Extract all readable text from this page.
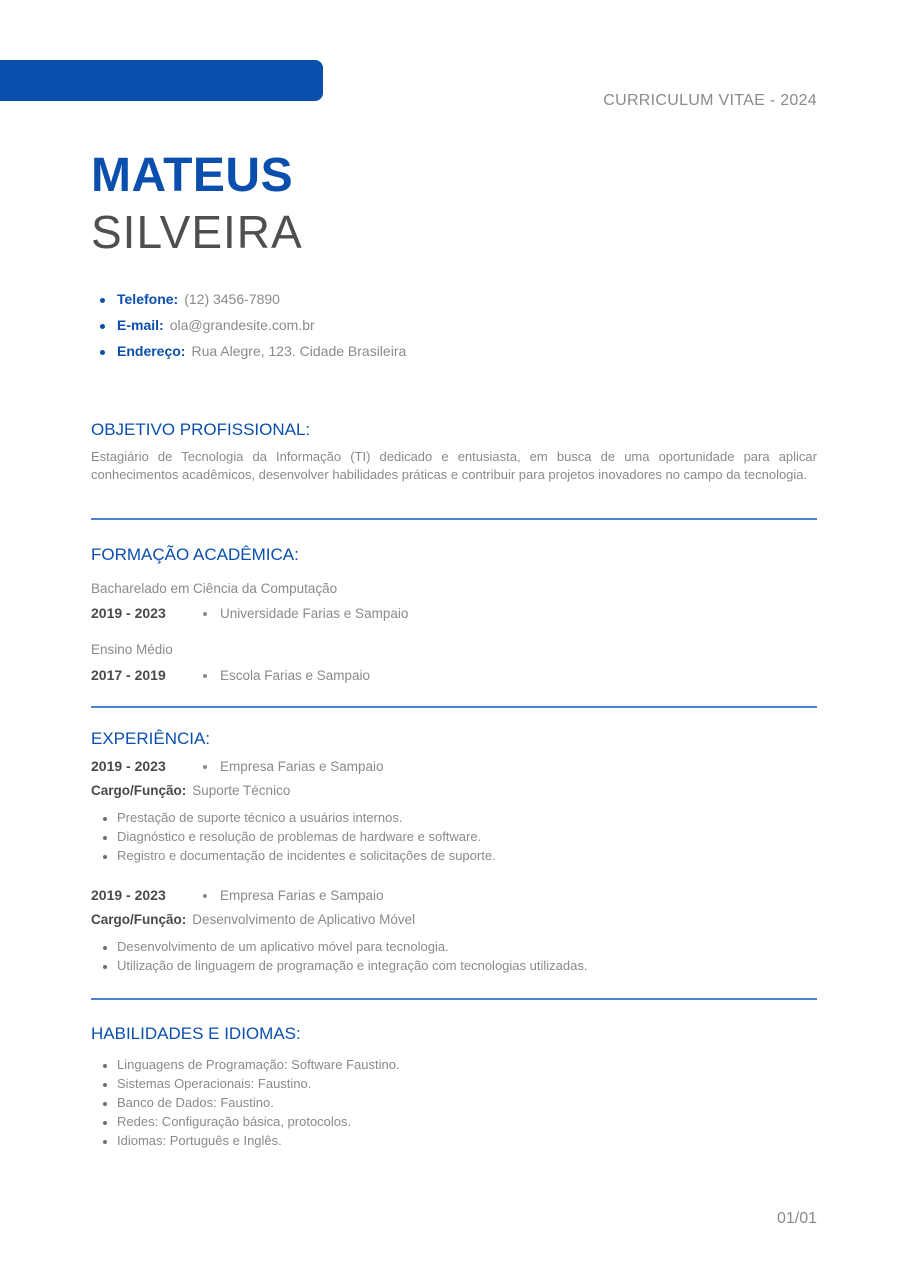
CURRICULUM VITAE - 2024
MATEUS
SILVEIRA
Telefone: (12) 3456-7890
E-mail: ola@grandesite.com.br
Endereço: Rua Alegre, 123. Cidade Brasileira
OBJETIVO PROFISSIONAL:
Estagiário de Tecnologia da Informação (TI) dedicado e entusiasta, em busca de uma oportunidade para aplicar conhecimentos acadêmicos, desenvolver habilidades práticas e contribuir para projetos inovadores no campo da tecnologia.
FORMAÇÃO ACADÊMICA:
Bacharelado em Ciência da Computação
2019 - 2023	Universidade Farias e Sampaio
Ensino Médio
2017 - 2019	Escola Farias e Sampaio
EXPERIÊNCIA:
2019 - 2023	Empresa Farias e Sampaio
Cargo/Função: Suporte Técnico
Prestação de suporte técnico a usuários internos.
Diagnóstico e resolução de problemas de hardware e software.
Registro e documentação de incidentes e solicitações de suporte.
2019 - 2023	Empresa Farias e Sampaio
Cargo/Função: Desenvolvimento de Aplicativo Móvel
Desenvolvimento de um aplicativo móvel para tecnologia.
Utilização de linguagem de programação e integração com tecnologias utilizadas.
HABILIDADES E IDIOMAS:
Linguagens de Programação: Software Faustino.
Sistemas Operacionais: Faustino.
Banco de Dados: Faustino.
Redes: Configuração básica, protocolos.
Idiomas: Português e Inglês.
01/01
